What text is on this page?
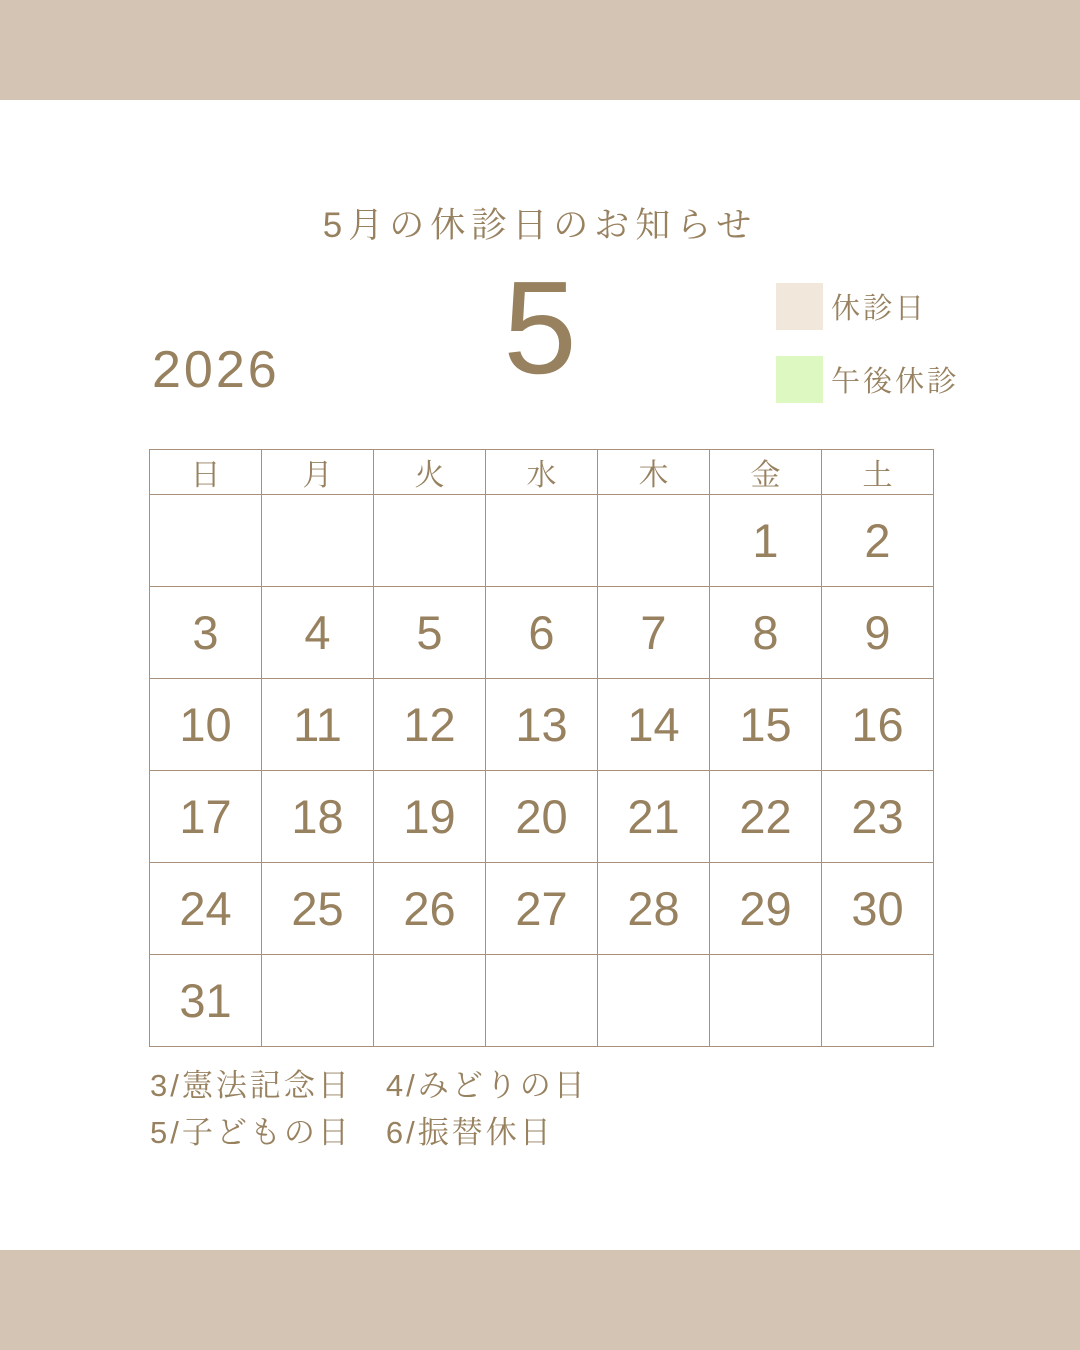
5月の休診日のお知らせ
2026	5	休診日
午後休診
日	月	火	水	木	金	土
					1	2
3	4	5	6	7	8	9
10	11	12	13	14	15	16
17	18	19	20	21	22	23
24	25	26	27	28	29	30
31						
3/憲法記念日　4/みどりの日
5/子どもの日　6/振替休日
